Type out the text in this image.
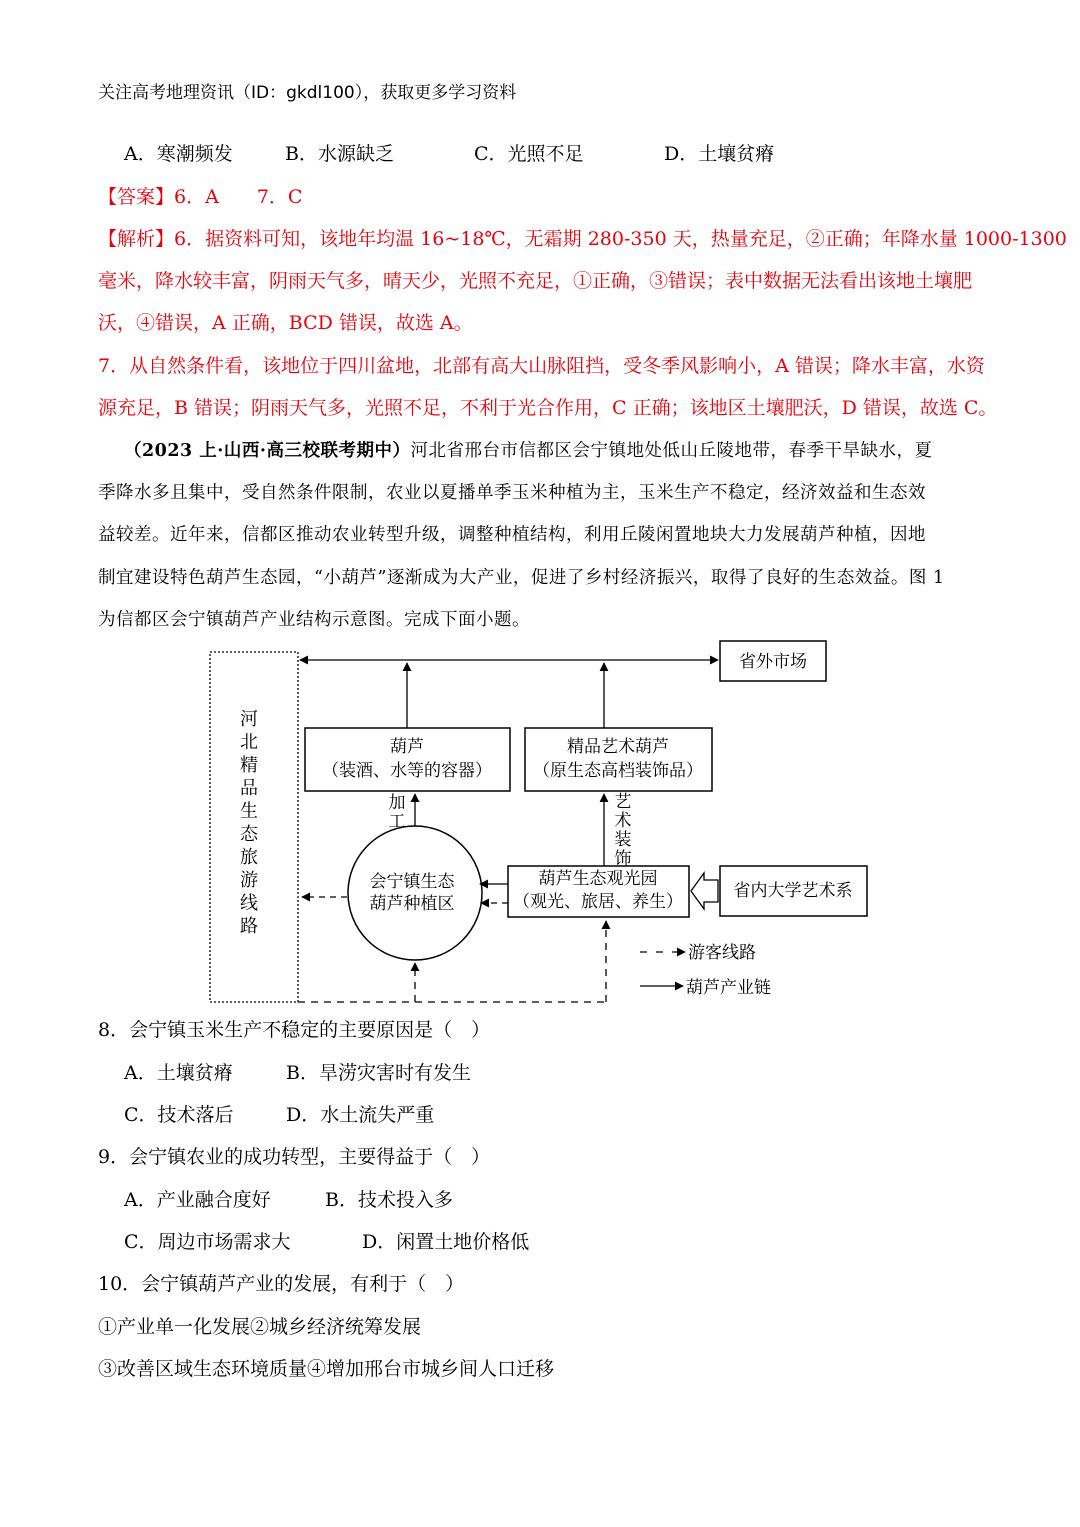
关注高考地理资讯（ID：gkdl100），获取更多学习资料
A．寒潮频发	B．水源缺乏	C．光照不足	D．土壤贫瘠
【答案】6．A　　7．C
【解析】6．据资料可知，该地年均温 16~18℃，无霜期 280-350 天，热量充足，②正确；年降水量 1000-1300
毫米，降水较丰富，阴雨天气多，晴天少，光照不充足，①正确，③错误；表中数据无法看出该地土壤肥
沃，④错误，A 正确，BCD 错误，故选 A。
7．从自然条件看，该地位于四川盆地，北部有高大山脉阻挡，受冬季风影响小，A 错误；降水丰富，水资
源充足，B 错误；阴雨天气多，光照不足，不利于光合作用，C 正确；该地区土壤肥沃，D 错误，故选 C。
（2023 上·山西·高三校联考期中）河北省邢台市信都区会宁镇地处低山丘陵地带，春季干旱缺水，夏
季降水多且集中，受自然条件限制，农业以夏播单季玉米种植为主，玉米生产不稳定，经济效益和生态效
益较差。近年来，信都区推动农业转型升级，调整种植结构，利用丘陵闲置地块大力发展葫芦种植，因地
制宜建设特色葫芦生态园，“小葫芦”逐渐成为大产业，促进了乡村经济振兴，取得了良好的生态效益。图 1
为信都区会宁镇葫芦产业结构示意图。完成下面小题。
河
北
精
品
生
态
旅
游
线
路
省外市场
葫芦
（装酒、水等的容器）
精品艺术葫芦
（原生态高档装饰品）
会宁镇生态
葫芦种植区
加
工
葫芦生态观光园
（观光、旅居、养生）
艺
术
装
饰
省内大学艺术系
游客线路
葫芦产业链
8．会宁镇玉米生产不稳定的主要原因是（　）
A．土壤贫瘠	B．旱涝灾害时有发生
C．技术落后	D．水土流失严重
9．会宁镇农业的成功转型，主要得益于（　）
A．产业融合度好	B．技术投入多
C．周边市场需求大	D．闲置土地价格低
10．会宁镇葫芦产业的发展，有利于（　）
①产业单一化发展②城乡经济统筹发展
③改善区域生态环境质量④增加邢台市城乡间人口迁移
